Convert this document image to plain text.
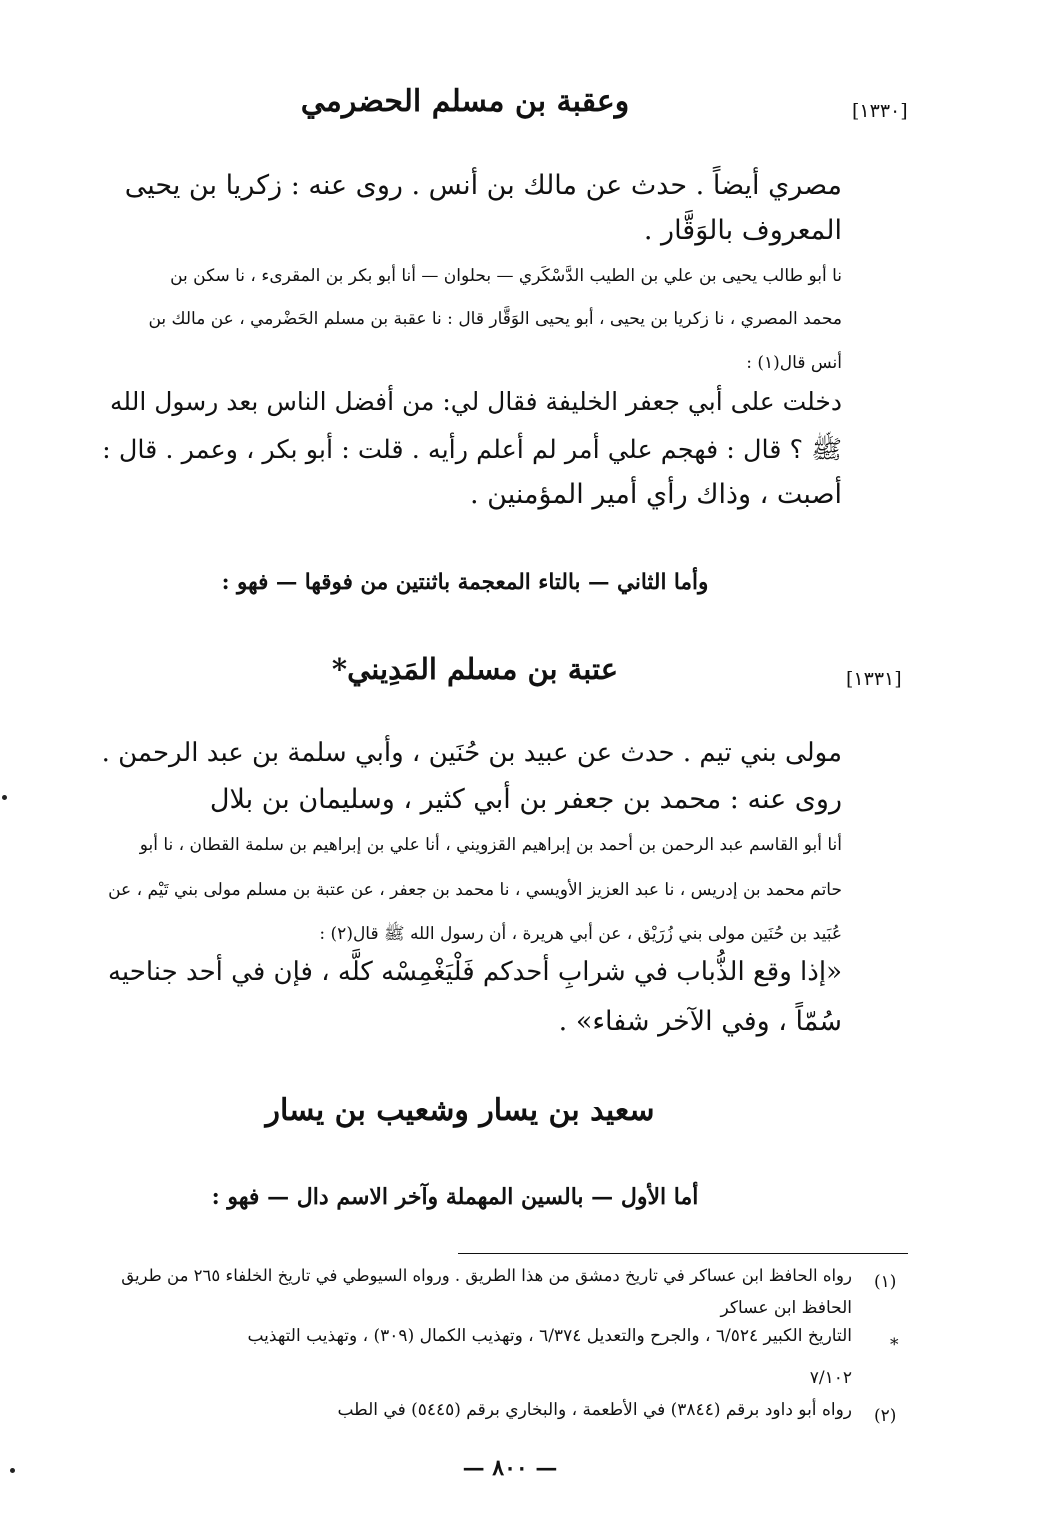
وعقبة بن مسلم الحضرمي	[١٣٣٠]
مصري أيضاً . حدث عن مالك بن أنس . روى عنه : زكريا بن يحيى
المعروف بالوَقَّار .
نا أبو طالب يحيى بن علي بن الطيب الدَّسْكَري — بحلوان — أنا أبو بكر بن المقرىء ، نا سكن بن
محمد المصري ، نا زكريا بن يحيى ، أبو يحيى الوَقَّار قال : نا عقبة بن مسلم الحَضْرمي ، عن مالك بن
أنس قال(١) :
دخلت على أبي جعفر الخليفة فقال لي: من أفضل الناس بعد رسول الله
ﷺ ؟ قال : فهجم علي أمر لم أعلم رأيه . قلت : أبو بكر ، وعمر . قال :
أصبت ، وذاك رأي أمير المؤمنين .
وأما الثاني — بالتاء المعجمة باثنتين من فوقها — فهو :
عتبة بن مسلم المَدِيني*	[١٣٣١]
مولى بني تيم . حدث عن عبيد بن حُنَين ، وأبي سلمة بن عبد الرحمن .
روى عنه : محمد بن جعفر بن أبي كثير ، وسليمان بن بلال
أنا أبو القاسم عبد الرحمن بن أحمد بن إبراهيم القزويني ، أنا علي بن إبراهيم بن سلمة القطان ، نا أبو
حاتم محمد بن إدريس ، نا عبد العزيز الأويسي ، نا محمد بن جعفر ، عن عتبة بن مسلم مولى بني تَيْم ، عن
عُبَيد بن حُنَين مولى بني زُرَيْق ، عن أبي هريرة ، أن رسول الله ﷺ قال(٢) :
«إذا وقع الذُّباب في شرابِ أحدكم فَلْيَغْمِسْه كلَّه ، فإن في أحد جناحيه
سُمّاً ، وفي الآخر شفاء» .
سعيد بن يسار وشعيب بن يسار
أما الأول — بالسين المهملة وآخر الاسم دال — فهو :
(١)
رواه الحافظ ابن عساكر في تاريخ دمشق من هذا الطريق . ورواه السيوطي في تاريخ الخلفاء ٢٦٥ من طريق
الحافظ ابن عساكر
*
التاريخ الكبير ٦/٥٢٤ ، والجرح والتعديل ٦/٣٧٤ ، وتهذيب الكمال (٣٠٩) ، وتهذيب التهذيب
٧/١٠٢
(٢)
رواه أبو داود برقم (٣٨٤٤) في الأطعمة ، والبخاري برقم (٥٤٤٥) في الطب
— ٨٠٠ —
